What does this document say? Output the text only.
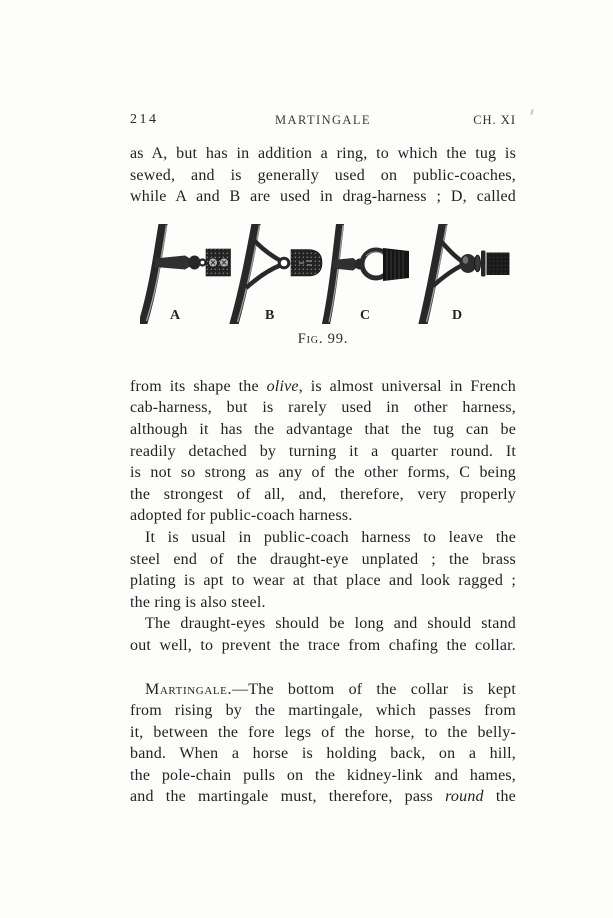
214	MARTINGALE	CH. XI
as A, but has in addition a ring, to which the tug is
sewed, and is generally used on public-coaches,
while A and B are used in drag-harness ; D, called
A	B	C	D
Fig. 99.
from its shape the olive, is almost universal in French
cab-harness, but is rarely used in other harness,
although it has the advantage that the tug can be
readily detached by turning it a quarter round. It
is not so strong as any of the other forms, C being
the strongest of all, and, therefore, very properly
adopted for public-coach harness.
It is usual in public-coach harness to leave the
steel end of the draught-eye unplated ; the brass
plating is apt to wear at that place and look ragged ;
the ring is also steel.
The draught-eyes should be long and should stand
out well, to prevent the trace from chafing the collar.
Martingale.—The bottom of the collar is kept
from rising by the martingale, which passes from
it, between the fore legs of the horse, to the belly-
band. When a horse is holding back, on a hill,
the pole-chain pulls on the kidney-link and hames,
and the martingale must, therefore, pass round the
